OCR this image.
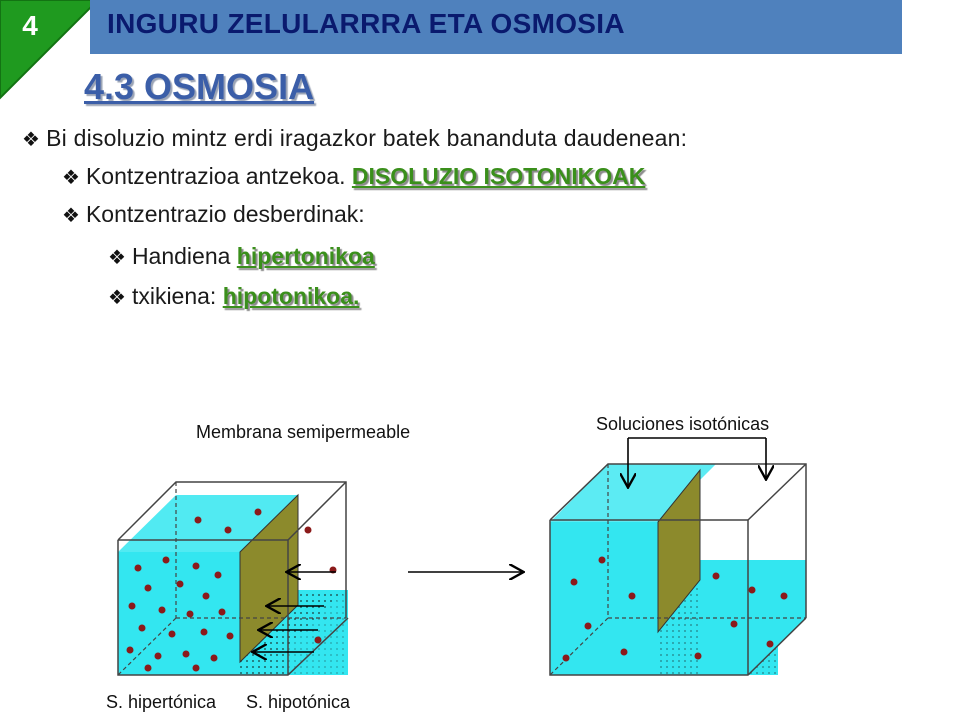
4	INGURU ZELULARRRA ETA OSMOSIA
4.3 OSMOSIA
❖ Bi disoluzio mintz erdi iragazkor batek bananduta daudenean:
❖ Kontzentrazioa antzekoa. DISOLUZIO ISOTONIKOAK
❖ Kontzentrazio desberdinak:
❖ Handiena hipertonikoa
❖ txikiena: hipotonikoa.
Membrana semipermeable	Soluciones isotónicas
S. hipertónica S. hipotónica
